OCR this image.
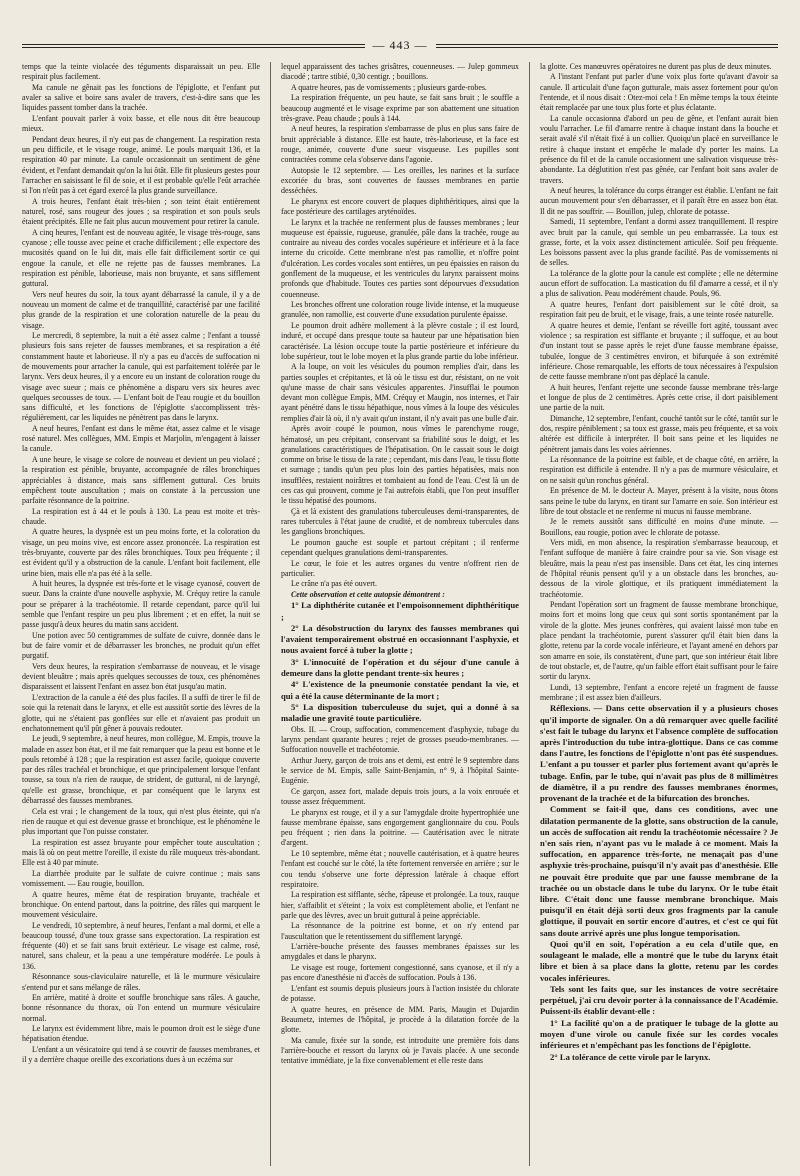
— 443 —

temps que la teinte violacée des téguments disparaissait un peu. Elle respirait plus facilement.

Ma canule ne gênait pas les fonctions de l'épiglotte, et l'enfant put avaler sa salive et boire sans avaler de travers, c'est-à-dire sans que les liquides passent tomber dans la trachée.

L'enfant pouvait parler à voix basse, et elle nous dit être beaucoup mieux.

Pendant deux heures, il n'y eut pas de changement. La respiration resta un peu difficile, et le visage rouge, animé. Le pouls marquait 136, et la respiration 40 par minute. La canule occasionnait un sentiment de gêne évident, et l'enfant demandait qu'on la lui ôtât. Elle fit plusieurs gestes pour l'arracher en saisissant le fil de soie, et il est probable qu'elle l'eût arrachée si l'on n'eût pas à cet égard exercé la plus grande surveillance.

A trois heures, l'enfant était très-bien ; son teint était entièrement naturel, rosé, sans rougeur des joues ; sa respiration et son pouls seuls étaient précipités. Elle ne fait plus aucun mouvement pour retirer la canule.

A cinq heures, l'enfant est de nouveau agitée, le visage très-rouge, sans cyanose ; elle tousse avec peine et crache difficilement ; elle expectore des mucosités quand on le lui dit, mais elle fait difficilement sortir ce qui engoue la canule, et elle ne rejette pas de fausses membranes. La respiration est pénible, laborieuse, mais non bruyante, et sans sifflement guttural.

Vers neuf heures du soir, la toux ayant débarrassé la canule, il y a de nouveau un moment de calme et de tranquillité, caractérisé par une facilité plus grande de la respiration et une coloration naturelle de la peau du visage.

Le mercredi, 8 septembre, la nuit a été assez calme ; l'enfant a toussé plusieurs fois sans rejeter de fausses membranes, et sa respiration a été constamment haute et laborieuse. Il n'y a pas eu d'accès de suffocation ni de mouvements pour arracher la canule, qui est parfaitement tolérée par le larynx. Vers deux heures, il y a encore eu un instant de coloration rouge du visage avec sueur ; mais ce phénomène a disparu vers six heures avec quelques secousses de toux. — L'enfant boit de l'eau rougie et du bouillon sans difficulté, et les fonctions de l'épiglotte s'accomplissent très-régulièrement, car les liquides ne pénètrent pas dans le larynx.

A neuf heures, l'enfant est dans le même état, assez calme et le visage rosé naturel. Mes collègues, MM. Empis et Marjolin, m'engagent à laisser la canule.

A une heure, le visage se colore de nouveau et devient un peu violacé ; la respiration est pénible, bruyante, accompagnée de râles bronchiques appréciables à distance, mais sans sifflement guttural. Ces bruits empêchent toute auscultation ; mais on constate à la percussion une parfaite résonnance de la poitrine.

La respiration est à 44 et le pouls à 130. La peau est moite et très-chaude.

A quatre heures, la dyspnée est un peu moins forte, et la coloration du visage, un peu moins vive, est encore assez prononcée. La respiration est très-bruyante, couverte par des râles bronchiques. Toux peu fréquente ; il est évident qu'il y a obstruction de la canule. L'enfant boit facilement, elle urine bien, mais elle n'a pas été à la selle.

A huit heures, la dyspnée est très-forte et le visage cyanosé, couvert de sueur. Dans la crainte d'une nouvelle asphyxie, M. Créquy retire la canule pour se préparer à la trachéotomie. Il retarde cependant, parce qu'il lui semble que l'enfant respire un peu plus librement ; et en effet, la nuit se passe jusqu'à deux heures du matin sans accident.

Une potion avec 50 centigrammes de sulfate de cuivre, donnée dans le but de faire vomir et de débarrasser les bronches, ne produit qu'un effet purgatif.

Vers deux heures, la respiration s'embarrasse de nouveau, et le visage devient bleuâtre ; mais après quelques secousses de toux, ces phénomènes disparaissent et laissent l'enfant en assez bon état jusqu'au matin.

L'extraction de la canule a été des plus faciles. Il a suffi de tirer le fil de soie qui la retenait dans le larynx, et elle est aussitôt sortie des lèvres de la glotte, qui ne s'étaient pas gonflées sur elle et n'avaient pas produit un enchatonnement qu'il pût gêner à pouvais redouter.

Le jeudi, 9 septembre, à neuf heures, mon collègue, M. Empis, trouve la malade en assez bon état, et il me fait remarquer que la peau est bonne et le pouls retombé à 128 ; que la respiration est assez facile, quoique couverte par des râles trachéal et bronchique, et que principalement lorsque l'enfant tousse, sa toux n'a rien de rauque, de strident, de guttural, ni de laryngé, qu'elle est grasse, bronchique, et par conséquent que le larynx est débarrassé des fausses membranes.

Cela est vrai ; le changement de la toux, qui n'est plus éteinte, qui n'a rien de rauque et qui est devenue grasse et bronchique, est le phénomène le plus important que l'on puisse constater.

La respiration est assez bruyante pour empêcher toute auscultation ; mais là où on peut mettre l'oreille, il existe du râle muqueux très-abondant. Elle est à 40 par minute.

La diarrhée produite par le sulfate de cuivre continue ; mais sans vomissement. — Eau rougie, bouillon.

A quatre heures, même état de respiration bruyante, trachéale et bronchique. On entend partout, dans la poitrine, des râles qui marquent le mouvement vésiculaire.

Le vendredi, 10 septembre, à neuf heures, l'enfant a mal dormi, et elle a beaucoup toussé, d'une toux grasse sans expectoration. La respiration est fréquente (40) et se fait sans bruit extérieur. Le visage est calme, rosé, naturel, sans chaleur, et la peau a une température modérée. Le pouls à 136.

Résonnance sous-claviculaire naturelle, et là le murmure vésiculaire s'entend pur et sans mélange de râles.

En arrière, matité à droite et souffle bronchique sans râles. A gauche, bonne résonnance du thorax, où l'on entend un murmure vésiculaire normal.

Le larynx est évidemment libre, mais le poumon droit est le siège d'une hépatisation étendue.

L'enfant a un vésicatoire qui tend à se couvrir de fausses membranes, et il y a derrière chaque oreille des excoriations dues à un eczéma sur

lequel apparaissent des taches grisâtres, couenneuses. — Julep gommeux diacodé ; tartre stibié, 0,30 centigr. ; bouillons.

A quatre heures, pas de vomissements ; plusieurs garde-robes.

La respiration fréquente, un peu haute, se fait sans bruit ; le souffle a beaucoup augmenté et le visage exprime par son abattement une situation très-grave. Peau chaude ; pouls à 144.

A neuf heures, la respiration s'embarrasse de plus en plus sans faire de bruit appréciable à distance. Elle est haute, très-laborieuse, et la face est rouge, animée, couverte d'une sueur visqueuse. Les pupilles sont contractées comme cela s'observe dans l'agonie.

Autopsie le 12 septembre. — Les oreilles, les narines et la surface excoriée du bras, sont couvertes de fausses membranes en partie desséchées.

Le pharynx est encore couvert de plaques diphthéritiques, ainsi que la face postérieure des cartilages aryténoïdes.

Le larynx et la trachée ne renferment plus de fausses membranes ; leur muqueuse est épaissie, rugueuse, granulée, pâle dans la trachée, rouge au contraire au niveau des cordes vocales supérieure et inférieure et à la face interne du cricoïde. Cette membrane n'est pas ramollie, et n'offre point d'ulcération. Les cordes vocales sont entières, un peu épaissies en raison du gonflement de la muqueuse, et les ventricules du larynx paraissent moins profonds que d'habitude. Toutes ces parties sont dépourvues d'exsudation couenneuse.

Les bronches offrent une coloration rouge livide intense, et la muqueuse granulée, non ramollie, est couverte d'une exsudation purulente épaisse.

Le poumon droit adhère mollement à la plèvre costale ; il est lourd, induré, et occupé dans presque toute sa hauteur par une hépatisation bien caractérisée. La lésion occupe toute la partie postérieure et inférieure du lobe supérieur, tout le lobe moyen et la plus grande partie du lobe inférieur.

A la loupe, on voit les vésicules du poumon remplies d'air, dans les parties souples et crépitantes, et là où le tissu est dur, résistant, on ne voit qu'une masse de chair sans vésicules apparentes. J'insufflai le poumon devant mon collègue Empis, MM. Créquy et Maugin, nos internes, et l'air ayant pénétré dans le tissu hépathique, nous vîmes à la loupe des vésicules remplies d'air là où, il n'y avait qu'un instant, il n'y avait pas une bulle d'air.

Après avoir coupé le poumon, nous vîmes le parenchyme rouge, hématosé, un peu crépitant, conservant sa friabilité sous le doigt, et les granulations caractéristiques de l'hépatisation. On le cassait sous le doigt comme on brise le tissu de la rate ; cependant, mis dans l'eau, le tissu flotte et surnage ; tandis qu'un peu plus loin des parties hépatisées, mais non insufflées, restaient noirâtres et tombaient au fond de l'eau. C'est là un de ces cas qui prouvent, comme je l'ai autrefois établi, que l'on peut insuffler le tissu hépatisé des poumons.

Çà et là existent des granulations tuberculeuses demi-transparentes, de rares tubercules à l'état jaune de crudité, et de nombreux tubercules dans les ganglions bronchiques.

Le poumon gauche est souple et partout crépitant ; il renferme cependant quelques granulations demi-transparentes.

Le cœur, le foie et les autres organes du ventre n'offrent rien de particulier.

Le crâne n'a pas été ouvert.

Cette observation et cette autopsie démontrent :

1° La diphthérite cutanée et l'empoisonnement diphthéritique ;

2° La désobstruction du larynx des fausses membranes qui l'avaient temporairement obstrué en occasionnant l'asphyxie, et nous avaient forcé à tuber la glotte ;

3° L'innocuité de l'opération et du séjour d'une canule à demeure dans la glotte pendant trente-six heures ;

4° L'existence de la pneumonie constatée pendant la vie, et qui a été la cause déterminante de la mort ;

5° La disposition tuberculeuse du sujet, qui a donné à sa maladie une gravité toute particulière.

Obs. II. — Croup, suffocation, commencement d'asphyxie, tubage du larynx pendant quarante heures ; rejet de grosses pseudo-membranes. — Suffocation nouvelle et trachéotomie.

Arthur Juery, garçon de trois ans et demi, est entré le 9 septembre dans le service de M. Empis, salle Saint-Benjamin, n° 9, à l'hôpital Sainte-Eugénie.

Ce garçon, assez fort, malade depuis trois jours, a la voix enrouée et tousse assez fréquemment.

Le pharynx est rouge, et il y a sur l'amygdale droite hypertrophiée une fausse membrane épaisse, sans engorgement ganglionnaire du cou. Pouls peu fréquent ; rien dans la poitrine. — Cautérisation avec le nitrate d'argent.

Le 10 septembre, même état ; nouvelle cautérisation, et à quatre heures l'enfant est couché sur le côté, la tête fortement renversée en arrière ; sur le cou tendu s'observe une forte dépression latérale à chaque effort respiratoire.

La respiration est sifflante, sèche, râpeuse et prolongée. La toux, rauque hier, s'affaiblit et s'éteint ; la voix est complètement abolie, et l'enfant ne parle que des lèvres, avec un bruit guttural à peine appréciable.

La résonnance de la poitrine est bonne, et on n'y entend par l'auscultation que le retentissement du sifflement laryngé.

L'arrière-bouche présente des fausses membranes épaisses sur les amygdales et dans le pharynx.

Le visage est rouge, fortement congestionné, sans cyanose, et il n'y a pas encore d'anesthésie ni d'accès de suffocation. Pouls à 136.

L'enfant est soumis depuis plusieurs jours à l'action insistée du chlorate de potasse.

A quatre heures, en présence de MM. Paris, Maugin et Dujardin Beaumetz, internes de l'hôpital, je procède à la dilatation forcée de la glotte.

Ma canule, fixée sur la sonde, est introduite une première fois dans l'arrière-bouche et ressort du larynx où je l'avais placée. A une seconde tentative immédiate, je la fixe convenablement et elle reste dans

la glotte. Ces manœuvres opératoires ne durent pas plus de deux minutes.

A l'instant l'enfant put parler d'une voix plus forte qu'avant d'avoir sa canule. Il articulait d'une façon gutturale, mais assez fortement pour qu'on l'entende, et il nous disait : Otez-moi cela ! En même temps la toux éteinte était remplacée par une toux plus forte et plus éclatante.

La canule occasionna d'abord un peu de gêne, et l'enfant aurait bien voulu l'arracher. Le fil d'amarre rentre à chaque instant dans la bouche et serait avalé s'il n'était fixé à un collier. Quoiqu'un placé en surveillance le retire à chaque instant et empêche le malade d'y porter les mains. La présence du fil et de la canule occasionnent une salivation visqueuse très-abondante. La déglutition n'est pas gênée, car l'enfant boit sans avaler de travers.

A neuf heures, la tolérance du corps étranger est établie. L'enfant ne fait aucun mouvement pour s'en débarrasser, et il paraît être en assez bon état. Il dit ne pas souffrir. — Bouillon, julep, chlorate de potasse.

Samedi, 11 septembre, l'enfant a dormi assez tranquillement. Il respire avec bruit par la canule, qui semble un peu embarrassée. La toux est grasse, forte, et la voix assez distinctement articulée. Soif peu fréquente. Les boissons passent avec la plus grande facilité. Pas de vomissements ni de selles.

La tolérance de la glotte pour la canule est complète ; elle ne détermine aucun effort de suffocation. La mastication du fil d'amarre a cessé, et il n'y a plus de salivation. Peau modérément chaude. Pouls, 96.

A quatre heures, l'enfant dort paisiblement sur le côté droit, sa respiration fait peu de bruit, et le visage, frais, a une teinte rosée naturelle.

A quatre heures et demie, l'enfant se réveille fort agité, toussant avec violence ; sa respiration est sifflante et bruyante ; il suffoque, et au bout d'un instant tout se passe après le rejet d'une fausse membrane épaisse, tubulée, longue de 3 centimètres environ, et bifurquée à son extrémité inférieure. Chose remarquable, les efforts de toux nécessaires à l'expulsion de cette fausse membrane n'ont pas déplacé la canule.

A huit heures, l'enfant rejette une seconde fausse membrane très-large et longue de plus de 2 centimètres. Après cette crise, il dort paisiblement une partie de la nuit.

Dimanche, 12 septembre, l'enfant, couché tantôt sur le côté, tantôt sur le dos, respire péniblement ; sa toux est grasse, mais peu fréquente, et sa voix altérée est difficile à interpréter. Il boit sans peine et les liquides ne pénètrent jamais dans les voies aériennes.

La résonnance de la poitrine est faible, et de chaque côté, en arrière, la respiration est difficile à entendre. Il n'y a pas de murmure vésiculaire, et on ne saisit qu'un ronchus général.

En présence de M. le docteur A. Mayer, présent à la visite, nous ôtons sans peine le tube du larynx, en tirant sur l'amarre en soie. Son intérieur est libre de tout obstacle et ne renferme ni mucus ni fausse membrane.

Je le remets aussitôt sans difficulté en moins d'une minute. — Bouillons, eau rougie, potion avec le chlorate de potasse.

Vers midi, en mon absence, la respiration s'embarrasse beaucoup, et l'enfant suffoque de manière à faire craindre pour sa vie. Son visage est bleuâtre, mais la peau n'est pas insensible. Dans cet état, les cinq internes de l'hôpital réunis pensent qu'il y a un obstacle dans les bronches, au-dessous de la virole glottique, et ils pratiquent immédiatement la trachéotomie.

Pendant l'opération sort un fragment de fausse membrane bronchique, moins fort et moins long que ceux qui sont sortis spontanément par la virole de la glotte. Mes jeunes confrères, qui avaient laissé mon tube en place pendant la trachéotomie, purent s'assurer qu'il était bien dans la glotte, retenu par la corde vocale inférieure, et l'ayant amené en dehors par son amarre en soie, ils constatèrent, d'une part, que son intérieur était libre de tout obstacle, et, de l'autre, qu'un faible effort était suffisant pour le faire sortir du larynx.

Lundi, 13 septembre, l'enfant a encore rejeté un fragment de fausse membrane ; il est assez bien d'ailleurs.

Réflexions. — Dans cette observation il y a plusieurs choses qu'il importe de signaler. On a dû remarquer avec quelle facilité s'est fait le tubage du larynx et l'absence complète de suffocation après l'introduction du tube intra-glottique. Dans ce cas comme dans l'autre, les fonctions de l'épiglotte n'ont pas été suspendues. L'enfant a pu tousser et parler plus fortement avant qu'après le tubage. Enfin, par le tube, qui n'avait pas plus de 8 millimètres de diamètre, il a pu rendre des fausses membranes énormes, provenant de la trachée et de la bifurcation des bronches.

Comment se fait-il que, dans ces conditions, avec une dilatation permanente de la glotte, sans obstruction de la canule, un accès de suffocation ait rendu la trachéotomie nécessaire ? Je n'en sais rien, n'ayant pas vu le malade à ce moment. Mais la suffocation, en apparence très-forte, ne menaçait pas d'une asphyxie très-prochaine, puisqu'il n'y avait pas d'anesthésie. Elle ne pouvait être produite que par une fausse membrane de la trachée ou un obstacle dans le tube du larynx. Or le tube était libre. C'était donc une fausse membrane bronchique. Mais puisqu'il en était déjà sorti deux gros fragments par la canule glottique, il pouvait en sortir encore d'autres, et c'est ce qui fût sans doute arrivé après une plus longue temporisation.

Quoi qu'il en soit, l'opération a eu cela d'utile que, en soulageant le malade, elle a montré que le tube du larynx était libre et bien à sa place dans la glotte, retenu par les cordes vocales inférieures.

Tels sont les faits que, sur les instances de votre secrétaire perpétuel, j'ai cru devoir porter à la connaissance de l'Académie. Puissent-ils établir devant-elle :

1° La facilité qu'on a de pratiquer le tubage de la glotte au moyen d'une virole ou canule fixée sur les cordes vocales inférieures et n'empêchant pas les fonctions de l'épiglotte.

2° La tolérance de cette virole par le larynx.
